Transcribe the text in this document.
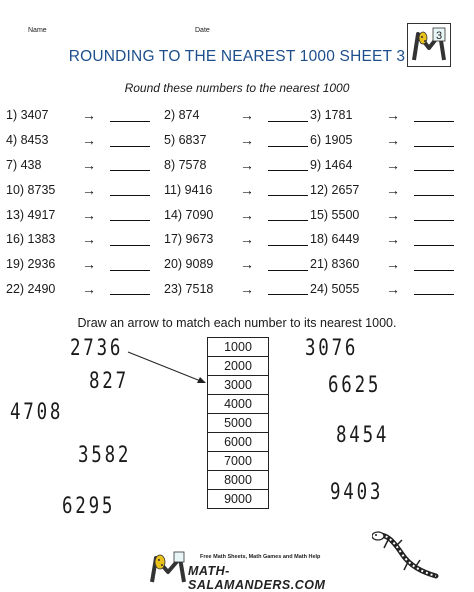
Name	Date	3
ROUNDING TO THE NEAREST 1000 SHEET 3
Round these numbers to the nearest 1000
1) 3407	→	2) 874	→	3) 1781	→
4) 8453	→	5) 6837	→	6) 1905	→
7) 438	→	8) 7578	→	9) 1464	→
10) 8735	→	11) 9416	→	12) 2657	→
13) 4917	→	14) 7090	→	15) 5500	→
16) 1383	→	17) 9673	→	18) 6449	→
19) 2936	→	20) 9089	→	21) 8360	→
22) 2490	→	23) 7518	→	24) 5055	→
Draw an arrow to match each number to its nearest 1000.
2736
827
4708
3582
6295
3076
6625
8454
9403
1000
2000
3000
4000
5000
6000
7000
8000
9000
Free Math Sheets, Math Games and Math Help
MATH-SALAMANDERS.COM
